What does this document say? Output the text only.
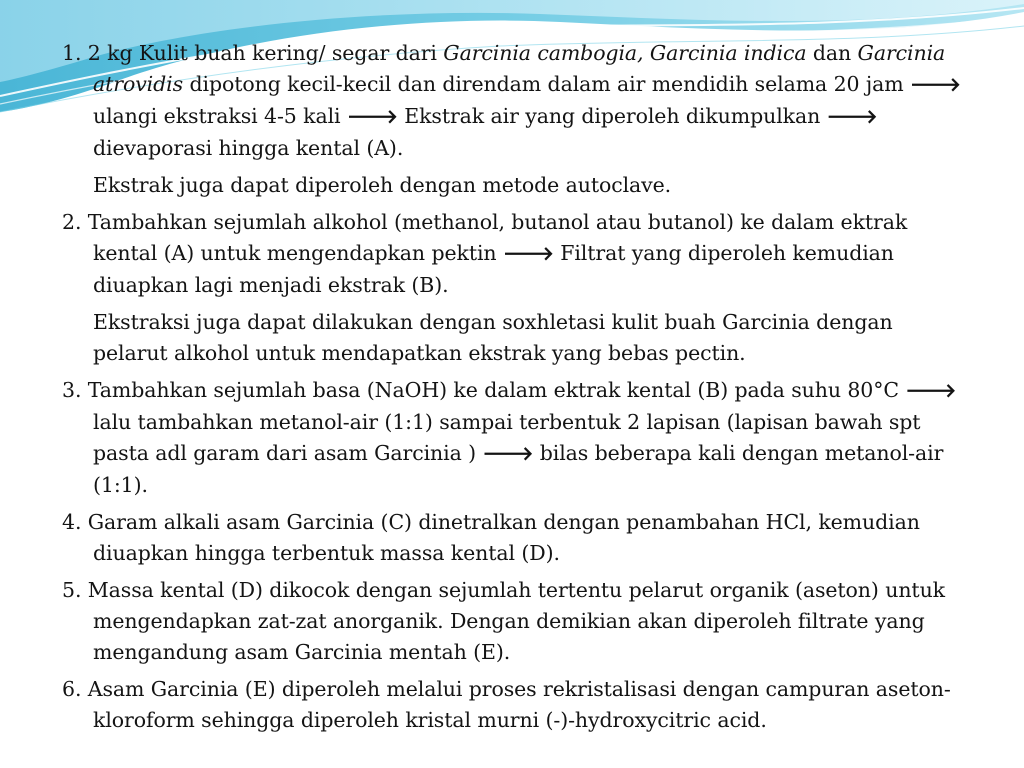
1. 2 kg Kulit buah kering/ segar dari Garcinia cambogia, Garcinia indica dan Garcinia atrovidis dipotong kecil-kecil dan direndam dalam air mendidih selama 20 jam 🡒 ulangi ekstraksi 4-5 kali 🡒 Ekstrak air yang diperoleh dikumpulkan 🡒 dievaporasi hingga kental (A).

Ekstrak juga dapat diperoleh dengan metode autoclave.

2. Tambahkan sejumlah alkohol (methanol, butanol atau butanol) ke dalam ektrak kental (A) untuk mengendapkan pektin 🡒 Filtrat yang diperoleh kemudian diuapkan lagi menjadi ekstrak (B).

Ekstraksi juga dapat dilakukan dengan soxhletasi kulit buah Garcinia dengan pelarut alkohol untuk mendapatkan ekstrak yang bebas pectin.

3. Tambahkan sejumlah basa (NaOH) ke dalam ektrak kental (B) pada suhu 80°C 🡒 lalu tambahkan metanol-air (1:1) sampai terbentuk 2 lapisan (lapisan bawah spt pasta adl garam dari asam Garcinia ) 🡒 bilas beberapa kali dengan metanol-air (1:1).

4. Garam alkali asam Garcinia (C) dinetralkan dengan penambahan HCl, kemudian diuapkan hingga terbentuk massa kental (D).

5. Massa kental (D) dikocok dengan sejumlah tertentu pelarut organik (aseton) untuk mengendapkan zat-zat anorganik. Dengan demikian akan diperoleh filtrate yang mengandung asam Garcinia mentah (E).

6. Asam Garcinia (E) diperoleh melalui proses rekristalisasi dengan campuran aseton-kloroform sehingga diperoleh kristal murni (-)-hydroxycitric acid.
